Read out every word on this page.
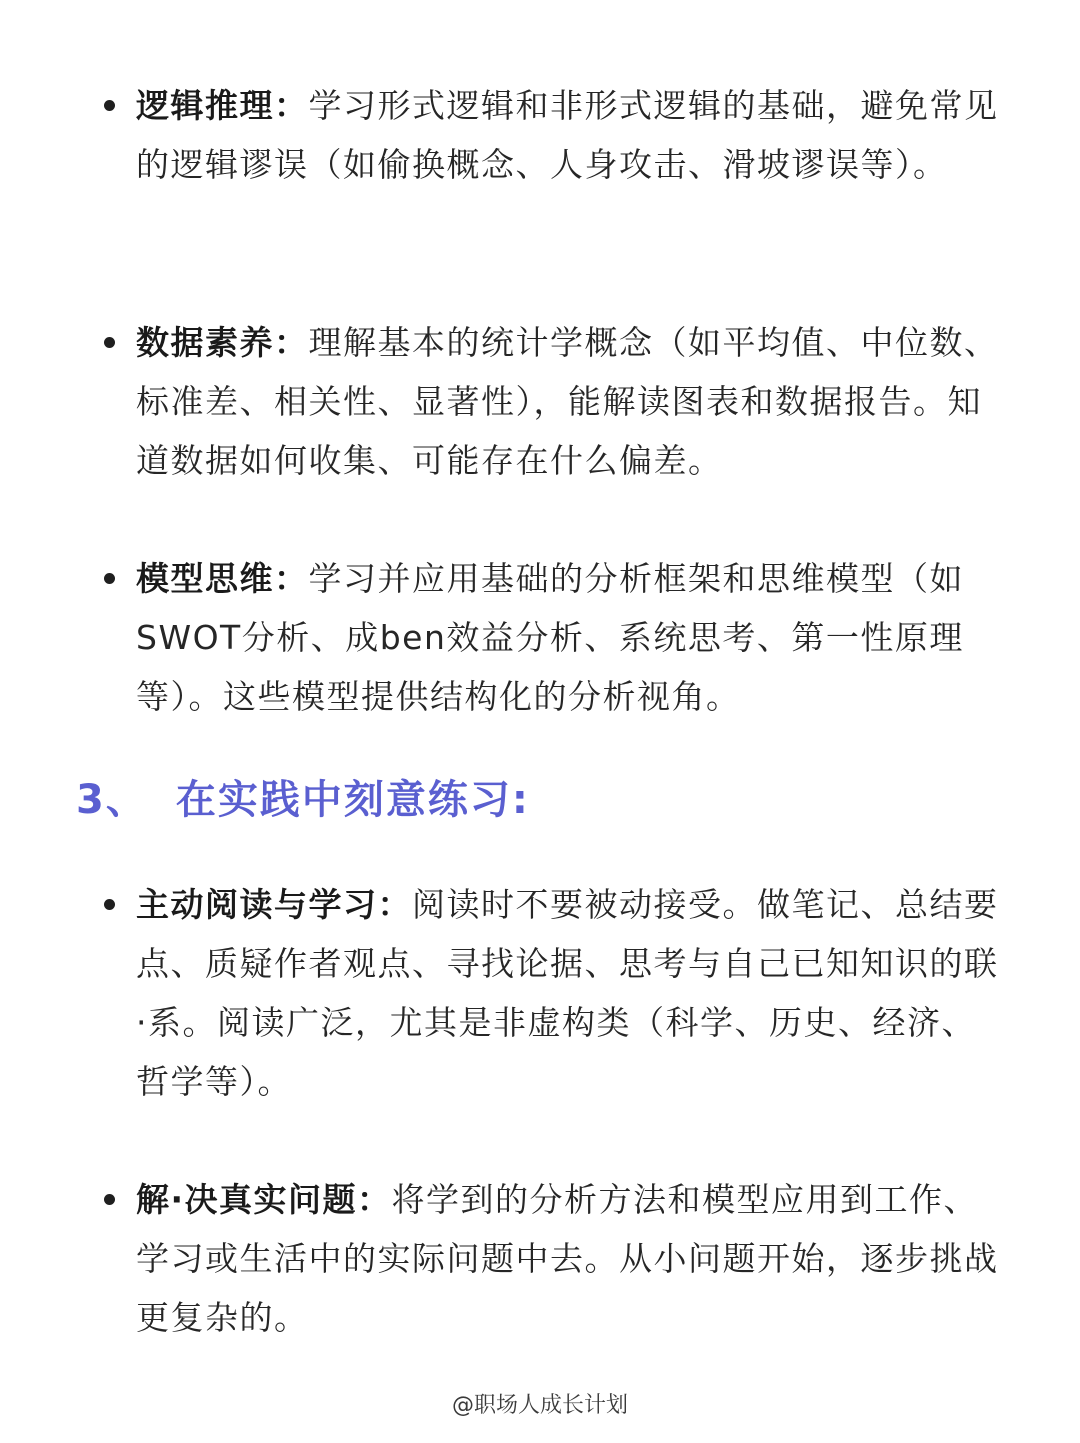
逻辑推理：学习形式逻辑和非形式逻辑的基础，避免常见的逻辑谬误（如偷换概念、人身攻击、滑坡谬误等）。
数据素养：理解基本的统计学概念（如平均值、中位数、标准差、相关性、显著性），能解读图表和数据报告。知道数据如何收集、可能存在什么偏差。
模型思维：学习并应用基础的分析框架和思维模型（如SWOT分析、成ben效益分析、系统思考、第一性原理等）。这些模型提供结构化的分析视角。
3、 在实践中刻意练习:
主动阅读与学习：阅读时不要被动接受。做笔记、总结要点、质疑作者观点、寻找论据、思考与自己已知知识的联·系。阅读广泛，尤其是非虚构类（科学、历史、经济、哲学等）。
解·决真实问题：将学到的分析方法和模型应用到工作、学习或生活中的实际问题中去。从小问题开始，逐步挑战更复杂的。
@职场人成长计划
